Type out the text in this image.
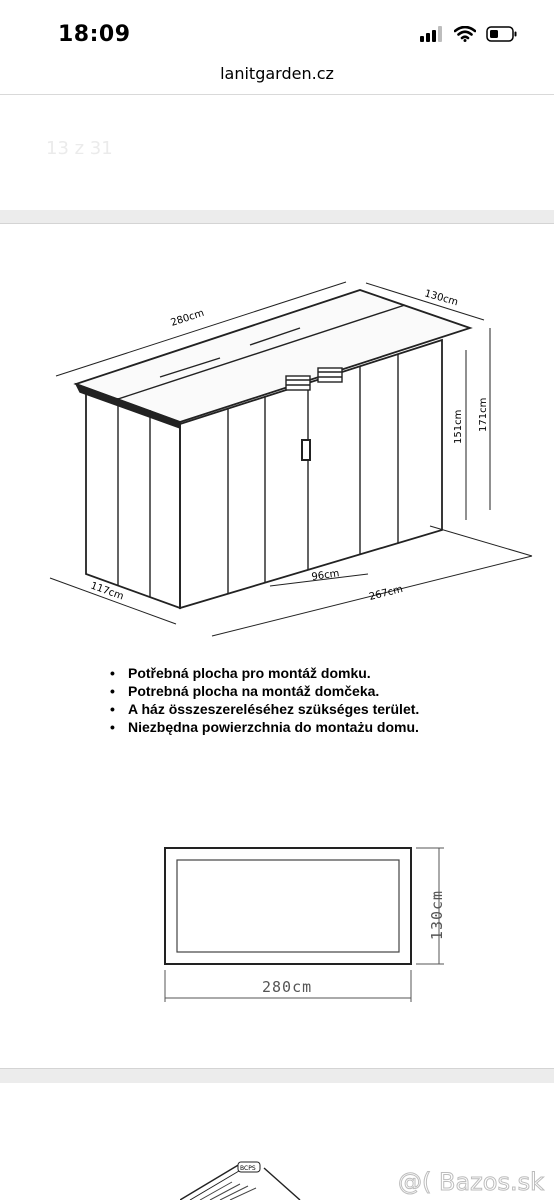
18:09
lanitgarden.cz
13 z 31
280cm
130cm
151cm 171cm
117cm
96cm
267cm
• Potřebná plocha pro montáž domku.
• Potrebná plocha na montáž domčeka.
• A ház összeszereléséhez szükséges terület.
• Niezbędna powierzchnia do montażu domu.
280cm
130cm
BCPS	@( Bazos.sk
